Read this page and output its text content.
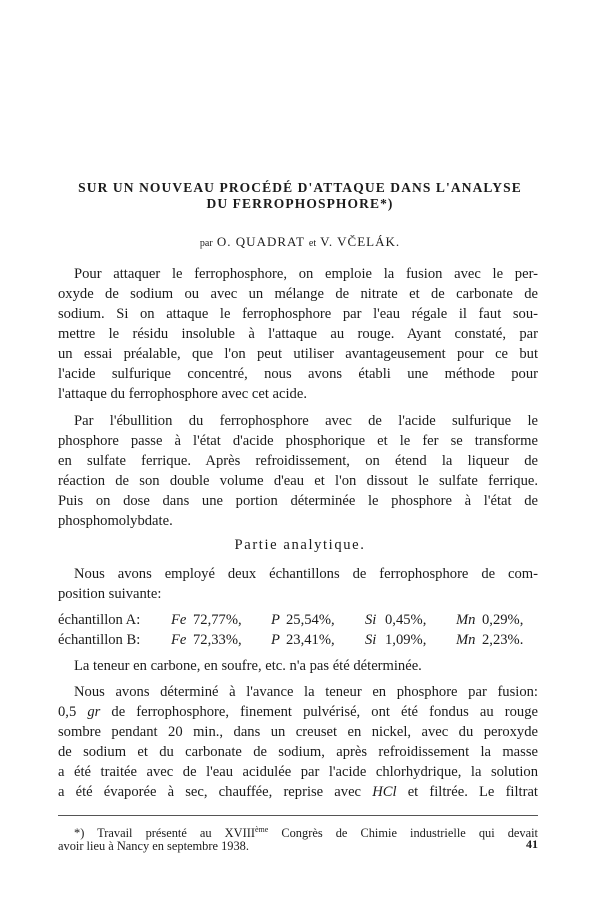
SUR UN NOUVEAU PROCÉDÉ D'ATTAQUE DANS L'ANALYSE
DU FERROPHOSPHORE*)
par O. QUADRAT et V. VČELÁK.
Pour attaquer le ferrophosphore, on emploie la fusion avec le per-
oxyde de sodium ou avec un mélange de nitrate et de carbonate de
sodium. Si on attaque le ferrophosphore par l'eau régale il faut sou-
mettre le résidu insoluble à l'attaque au rouge. Ayant constaté, par
un essai préalable, que l'on peut utiliser avantageusement pour ce but
l'acide sulfurique concentré, nous avons établi une méthode pour
l'attaque du ferrophosphore avec cet acide.
Par l'ébullition du ferrophosphore avec de l'acide sulfurique le
phosphore passe à l'état d'acide phosphorique et le fer se transforme
en sulfate ferrique. Après refroidissement, on étend la liqueur de
réaction de son double volume d'eau et l'on dissout le sulfate ferrique.
Puis on dose dans une portion déterminée le phosphore à l'état de
phosphomolybdate.
Partie analytique.
Nous avons employé deux échantillons de ferrophosphore de com-
position suivante:
échantillon A: Fe 72,77%, P 25,54%, Si 0,45%, Mn 0,29%,
échantillon B: Fe 72,33%, P 23,41%, Si 1,09%, Mn 2,23%.
La teneur en carbone, en soufre, etc. n'a pas été déterminée.
Nous avons déterminé à l'avance la teneur en phosphore par fusion:
0,5 gr de ferrophosphore, finement pulvérisé, ont été fondus au rouge
sombre pendant 20 min., dans un creuset en nickel, avec du peroxyde
de sodium et du carbonate de sodium, après refroidissement la masse
a été traitée avec de l'eau acidulée par l'acide chlorhydrique, la solution
a été évaporée à sec, chauffée, reprise avec HCl et filtrée. Le filtrat
*) Travail présenté au XVIIIème Congrès de Chimie industrielle qui devait
avoir lieu à Nancy en septembre 1938.	41
